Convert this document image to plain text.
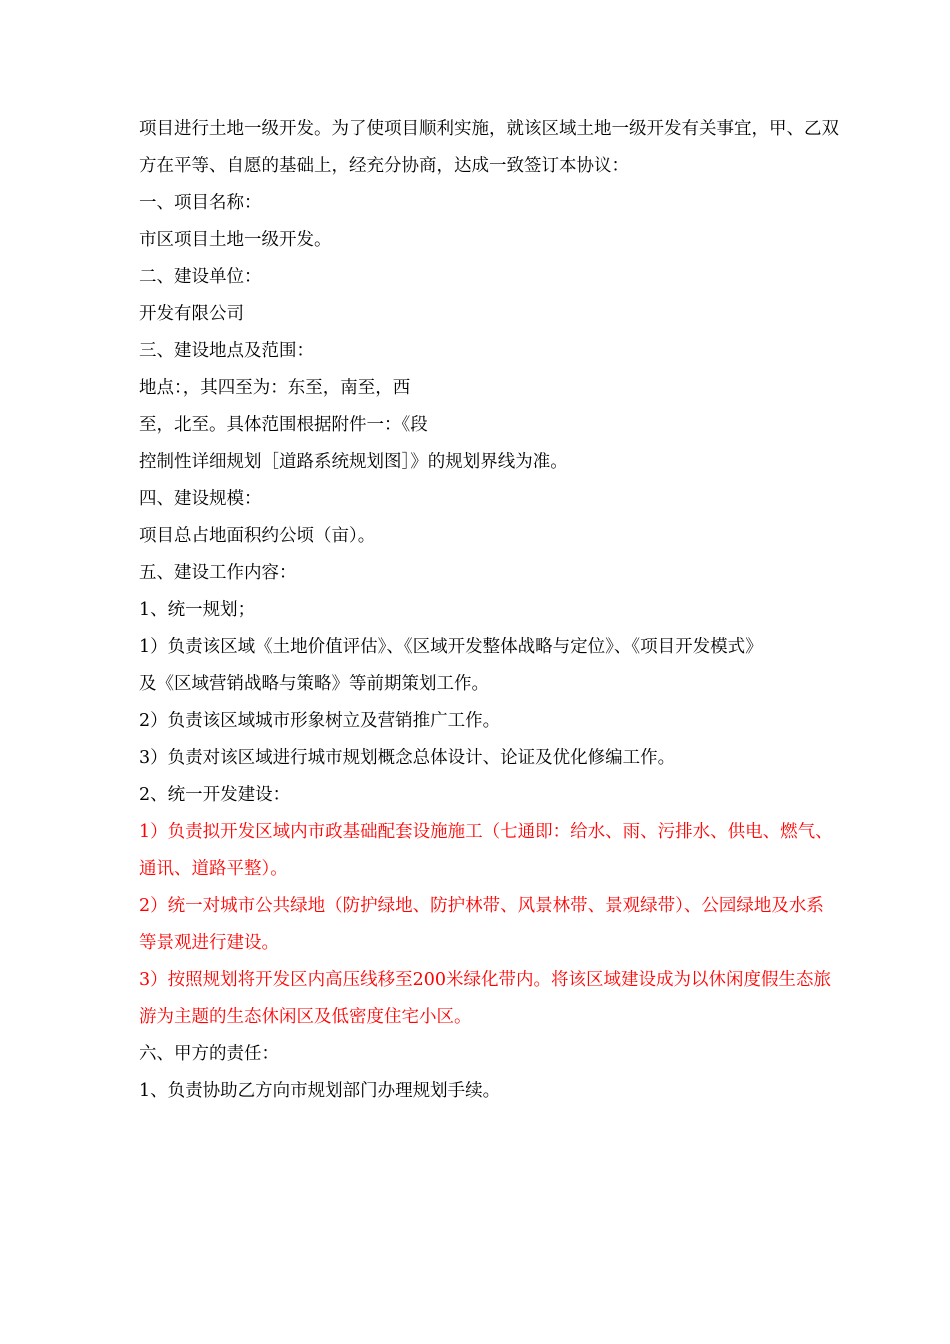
项目进行土地一级开发。为了使项目顺利实施，就该区域土地一级开发有关事宜，甲、乙双方在平等、自愿的基础上，经充分协商，达成一致签订本协议：

一、项目名称：

市区项目土地一级开发。

二、建设单位：

开发有限公司

三、建设地点及范围：

地点：，其四至为：东至，南至，西

至，北至。具体范围根据附件一：《段

控制性详细规划［道路系统规划图］》的规划界线为准。

四、建设规模：

项目总占地面积约公顷（亩）。

五、建设工作内容：

1、统一规划；

1）负责该区域《土地价值评估》、《区域开发整体战略与定位》、《项目开发模式》

及《区域营销战略与策略》等前期策划工作。

2）负责该区域城市形象树立及营销推广工作。

3）负责对该区域进行城市规划概念总体设计、论证及优化修编工作。

2、统一开发建设：

1）负责拟开发区域内市政基础配套设施施工（七通即：给水、雨、污排水、供电、燃气、通讯、道路平整）。

2）统一对城市公共绿地（防护绿地、防护林带、风景林带、景观绿带）、公园绿地及水系等景观进行建设。

3）按照规划将开发区内高压线移至200米绿化带内。将该区域建设成为以休闲度假生态旅游为主题的生态休闲区及低密度住宅小区。

六、甲方的责任：

1、负责协助乙方向市规划部门办理规划手续。
